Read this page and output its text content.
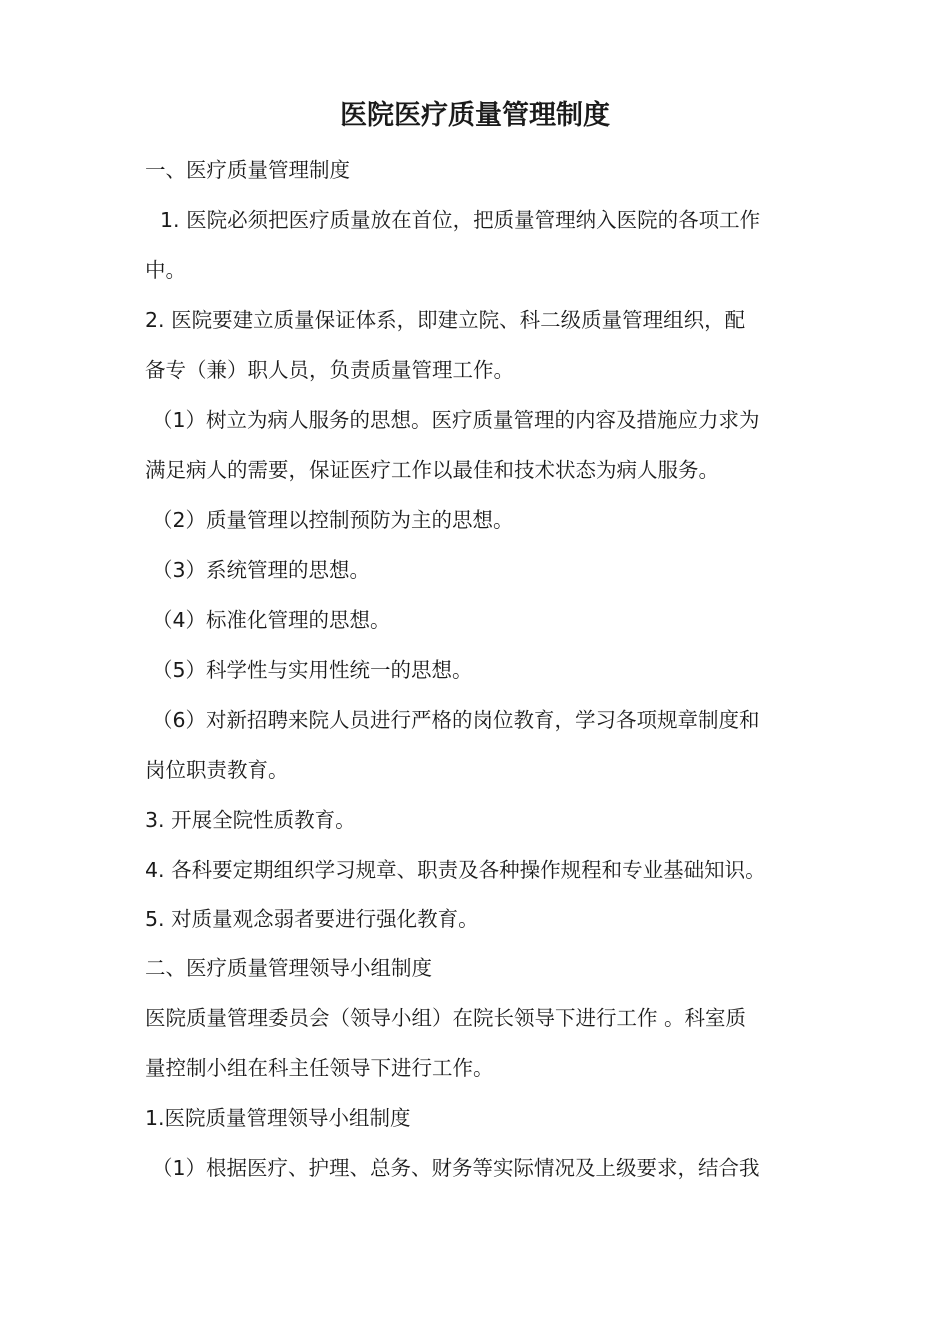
医院医疗质量管理制度

一、医疗质量管理制度

1. 医院必须把医疗质量放在首位，把质量管理纳入医院的各项工作

中。

2. 医院要建立质量保证体系，即建立院、科二级质量管理组织，配

备专（兼）职人员，负责质量管理工作。

（1）树立为病人服务的思想。医疗质量管理的内容及措施应力求为

满足病人的需要，保证医疗工作以最佳和技术状态为病人服务。

（2）质量管理以控制预防为主的思想。

（3）系统管理的思想。

（4）标准化管理的思想。

（5）科学性与实用性统一的思想。

（6）对新招聘来院人员进行严格的岗位教育，学习各项规章制度和

岗位职责教育。

3. 开展全院性质教育。

4. 各科要定期组织学习规章、职责及各种操作规程和专业基础知识。

5. 对质量观念弱者要进行强化教育。

二、医疗质量管理领导小组制度

医院质量管理委员会（领导小组）在院长领导下进行工作 。科室质

量控制小组在科主任领导下进行工作。

1.医院质量管理领导小组制度

（1）根据医疗、护理、总务、财务等实际情况及上级要求，结合我
